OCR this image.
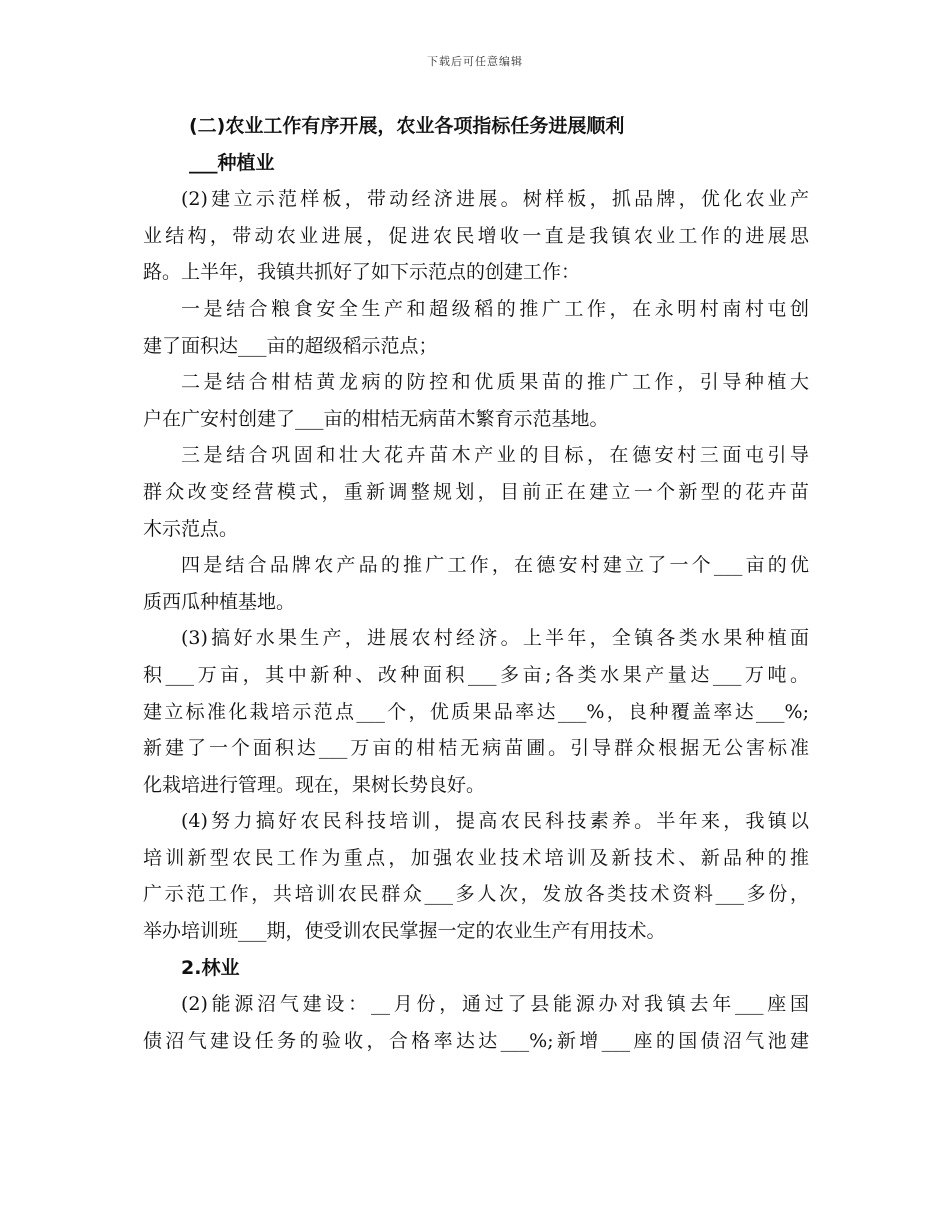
下载后可任意编辑
(二)农业工作有序开展，农业各项指标任务进展顺利
___种植业
(2)建立示范样板，带动经济进展。树样板，抓品牌，优化农业产
业结构，带动农业进展，促进农民增收一直是我镇农业工作的进展思
路。上半年，我镇共抓好了如下示范点的创建工作：
一是结合粮食安全生产和超级稻的推广工作，在永明村南村屯创
建了面积达___亩的超级稻示范点；
二是结合柑桔黄龙病的防控和优质果苗的推广工作，引导种植大
户在广安村创建了___亩的柑桔无病苗木繁育示范基地。
三是结合巩固和壮大花卉苗木产业的目标，在德安村三面屯引导
群众改变经营模式，重新调整规划，目前正在建立一个新型的花卉苗
木示范点。
四是结合品牌农产品的推广工作，在德安村建立了一个___亩的优
质西瓜种植基地。
(3)搞好水果生产，进展农村经济。上半年，全镇各类水果种植面
积___万亩，其中新种、改种面积___多亩;各类水果产量达___万吨。
建立标准化栽培示范点___个，优质果品率达___%，良种覆盖率达___%;
新建了一个面积达___万亩的柑桔无病苗圃。引导群众根据无公害标准
化栽培进行管理。现在，果树长势良好。
(4)努力搞好农民科技培训，提高农民科技素养。半年来，我镇以
培训新型农民工作为重点，加强农业技术培训及新技术、新品种的推
广示范工作，共培训农民群众___多人次，发放各类技术资料___多份，
举办培训班___期，使受训农民掌握一定的农业生产有用技术。
2.林业
(2)能源沼气建设：__月份，通过了县能源办对我镇去年___座国
债沼气建设任务的验收，合格率达达___%;新增___座的国债沼气池建
